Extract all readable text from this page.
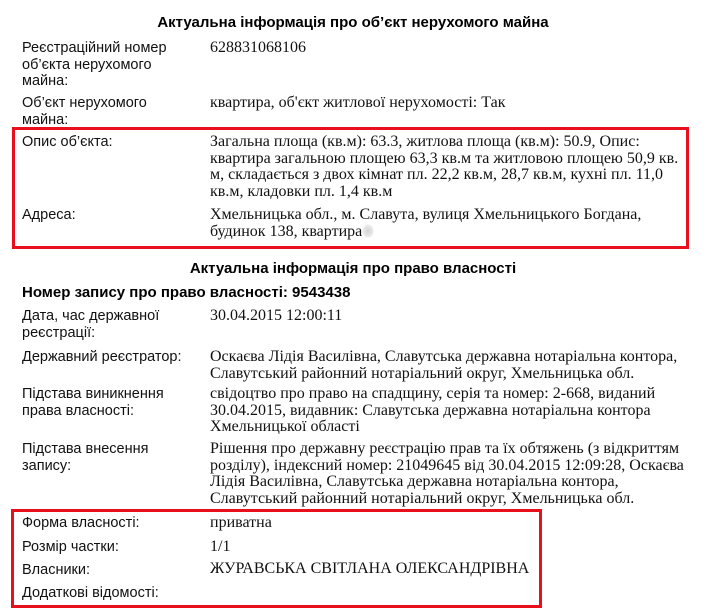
Актуальна інформація про об’єкт нерухомого майна
Реєстраційний номер об’єкта нерухомого майна:
628831068106
Об’єкт нерухомого майна:
квартира, об'єкт житлової нерухомості: Так
Опис об’єкта:	Загальна площа (кв.м): 63.3, житлова площа (кв.м): 50.9, Опис:
квартира загальною площею 63,3 кв.м та житловою площею 50,9 кв.
м, складається з двох кімнат пл. 22,2 кв.м, 28,7 кв.м, кухні пл. 11,0
кв.м, кладовки пл. 1,4 кв.м
Адреса:	Хмельницька обл., м. Славута, вулиця Хмельницького Богдана,
будинок 138, квартира
Актуальна інформація про право власності
Номер запису про право власності: 9543438
Дата, час державної реєстрації:
30.04.2015 12:00:11
Державний реєстратор:	Оскаєва Лідія Василівна, Славутська державна нотаріальна контора,
Славутський районний нотаріальний округ, Хмельницька обл.
Підстава виникнення права власності:
свідоцтво про право на спадщину, серія та номер: 2-668, виданий
30.04.2015, видавник: Славутська державна нотаріальна контора
Хмельницької області
Підстава внесення запису:
Рішення про державну реєстрацію прав та їх обтяжень (з відкриттям
розділу), індексний номер: 21049645 від 30.04.2015 12:09:28, Оскаєва
Лідія Василівна, Славутська державна нотаріальна контора,
Славутський районний нотаріальний округ, Хмельницька обл.
Форма власності:	приватна
Розмір частки:	1/1
Власники:	ЖУРАВСЬКА СВІТЛАНА ОЛЕКСАНДРІВНА
Додаткові відомості:
